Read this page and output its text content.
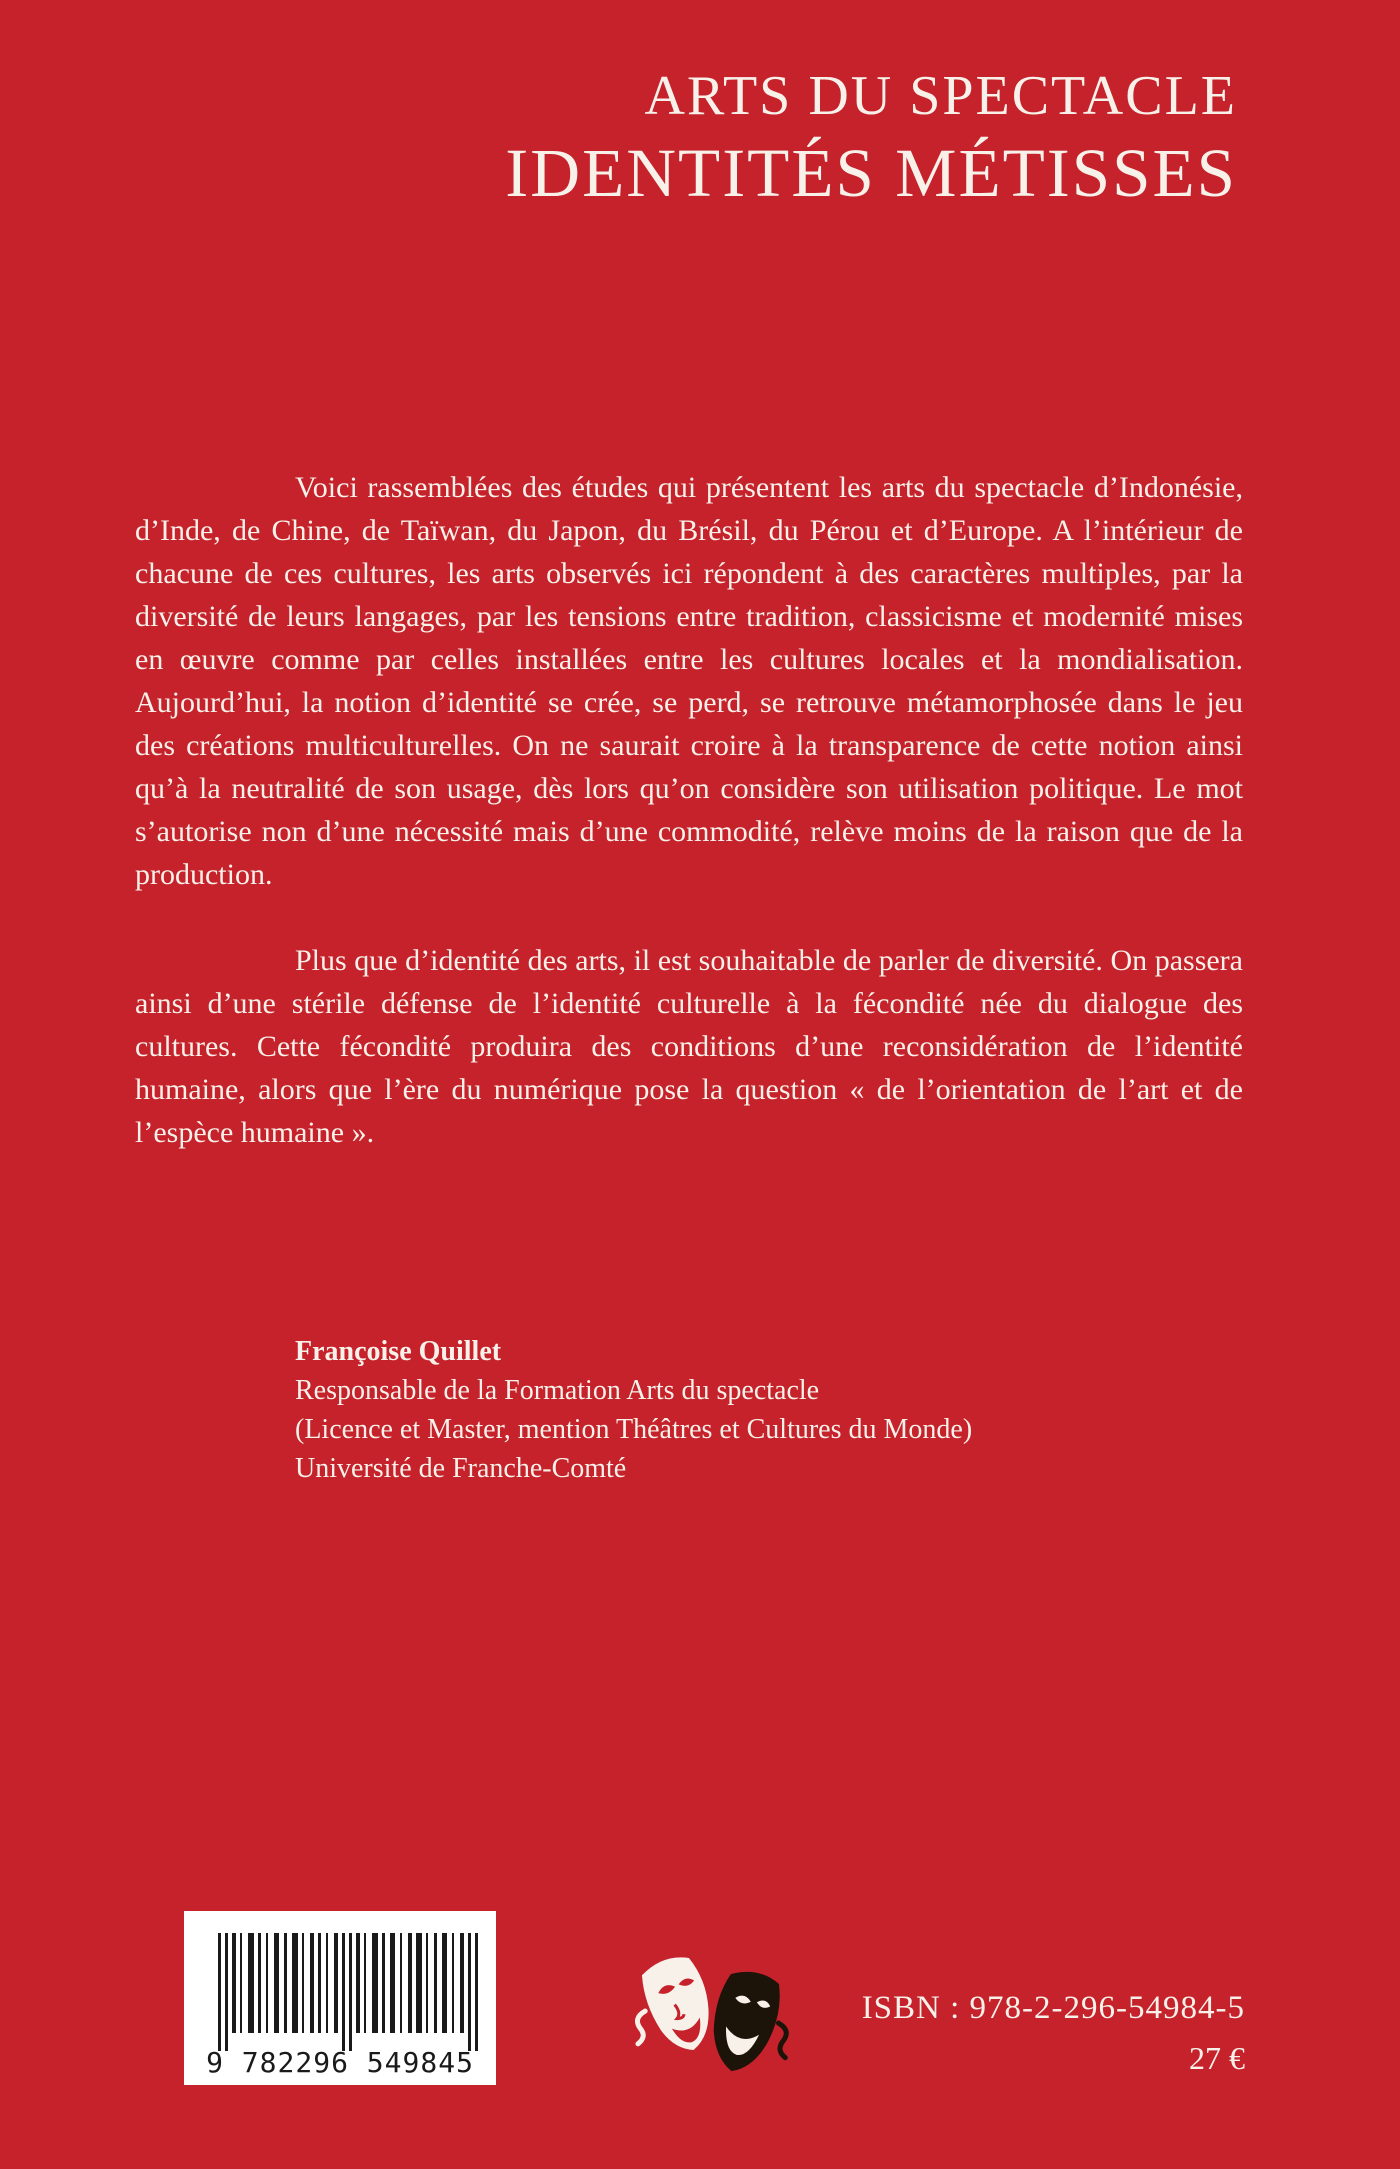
ARTS DU SPECTACLE
IDENTITÉS MÉTISSES

Voici rassemblées des études qui présentent les arts du spectacle d’Indonésie, d’Inde, de Chine, de Taïwan, du Japon, du Brésil, du Pérou et d’Europe. A l’intérieur de chacune de ces cultures, les arts observés ici répondent à des caractères multiples, par la diversité de leurs langages, par les tensions entre tradition, classicisme et modernité mises en œuvre comme par celles installées entre les cultures locales et la mondialisation. Aujourd’hui, la notion d’identité se crée, se perd, se retrouve métamorphosée dans le jeu des créations multiculturelles. On ne saurait croire à la transparence de cette notion ainsi qu’à la neutralité de son usage, dès lors qu’on considère son utilisation politique. Le mot s’autorise non d’une nécessité mais d’une commodité, relève moins de la raison que de la production.

Plus que d’identité des arts, il est souhaitable de parler de diversité. On passera ainsi d’une stérile défense de l’identité culturelle à la fécondité née du dialogue des cultures. Cette fécondité produira des conditions d’une reconsidération de l’identité humaine, alors que l’ère du numérique pose la question « de l’orientation de l’art et de l’espèce humaine ».

Françoise Quillet
Responsable de la Formation Arts du spectacle
(Licence et Master, mention Théâtres et Cultures du Monde)
Université de Franche-Comté
9 782296 549845
ISBN : 978-2-296-54984-5
27 €
